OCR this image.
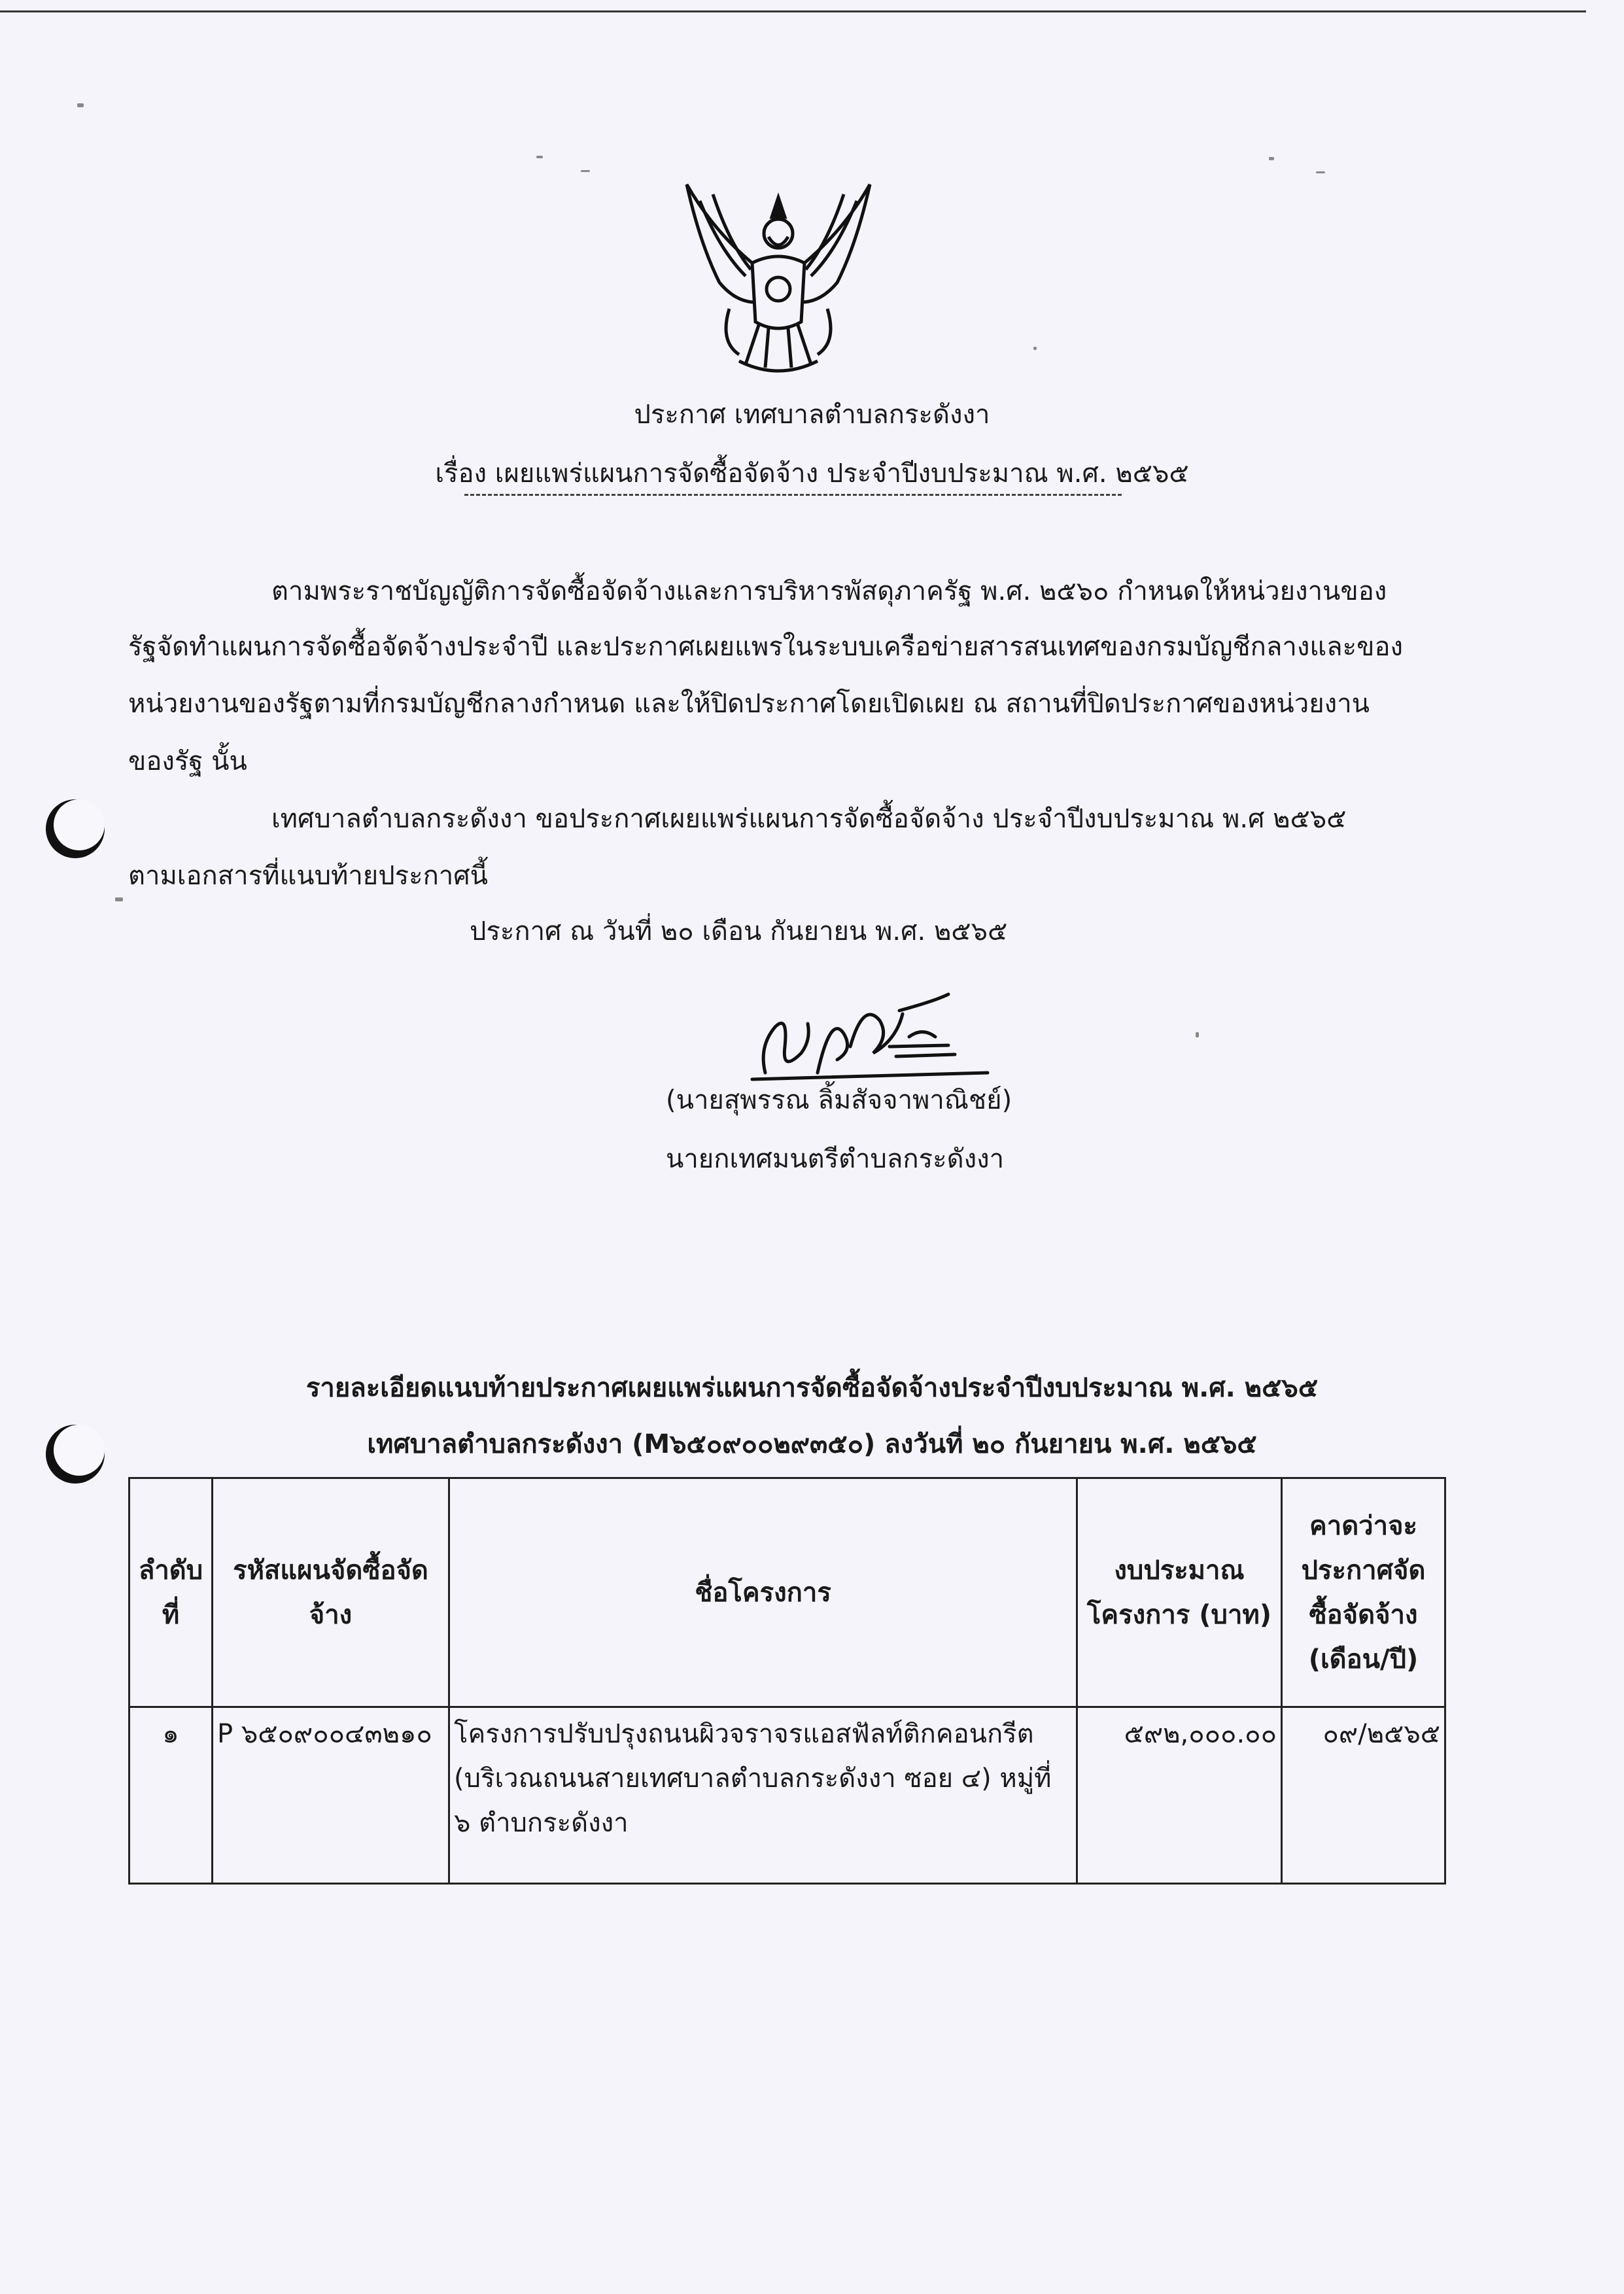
ประกาศ เทศบาลตำบลกระดังงา
เรื่อง เผยแพร่แผนการจัดซื้อจัดจ้าง ประจำปีงบประมาณ พ.ศ. ๒๕๖๕
ตามพระราชบัญญัติการจัดซื้อจัดจ้างและการบริหารพัสดุภาครัฐ พ.ศ. ๒๕๖๐ กำหนดให้หน่วยงานของ
รัฐจัดทำแผนการจัดซื้อจัดจ้างประจำปี และประกาศเผยแพรในระบบเครือข่ายสารสนเทศของกรมบัญชีกลางและของ
หน่วยงานของรัฐตามที่กรมบัญชีกลางกำหนด และให้ปิดประกาศโดยเปิดเผย ณ สถานที่ปิดประกาศของหน่วยงาน
ของรัฐ นั้น
เทศบาลตำบลกระดังงา ขอประกาศเผยแพร่แผนการจัดซื้อจัดจ้าง ประจำปีงบประมาณ พ.ศ ๒๕๖๕
ตามเอกสารที่แนบท้ายประกาศนี้
ประกาศ ณ วันที่ ๒๐ เดือน กันยายน พ.ศ. ๒๕๖๕
(นายสุพรรณ ลิ้มสัจจาพาณิชย์)
นายกเทศมนตรีตำบลกระดังงา
รายละเอียดแนบท้ายประกาศเผยแพร่แผนการจัดซื้อจัดจ้างประจำปีงบประมาณ พ.ศ. ๒๕๖๕
เทศบาลตำบลกระดังงา (M๖๕๐๙๐๐๒๙๓๕๐) ลงวันที่ ๒๐ กันยายน พ.ศ. ๒๕๖๕
ลำดับที่	รหัสแผนจัดซื้อจัดจ้าง	ชื่อโครงการ	งบประมาณโครงการ (บาท)	คาดว่าจะประกาศจัดซื้อจัดจ้าง (เดือน/ปี)
๑	P ๖๕๐๙๐๐๔๓๒๑๐	โครงการปรับปรุงถนนผิวจราจรแอสฟัลท์ติกคอนกรีต (บริเวณถนนสายเทศบาลตำบลกระดังงา ซอย ๔) หมู่ที่ ๖ ตำบกระดังงา	๕๙๒,๐๐๐.๐๐	๐๙/๒๕๖๕
